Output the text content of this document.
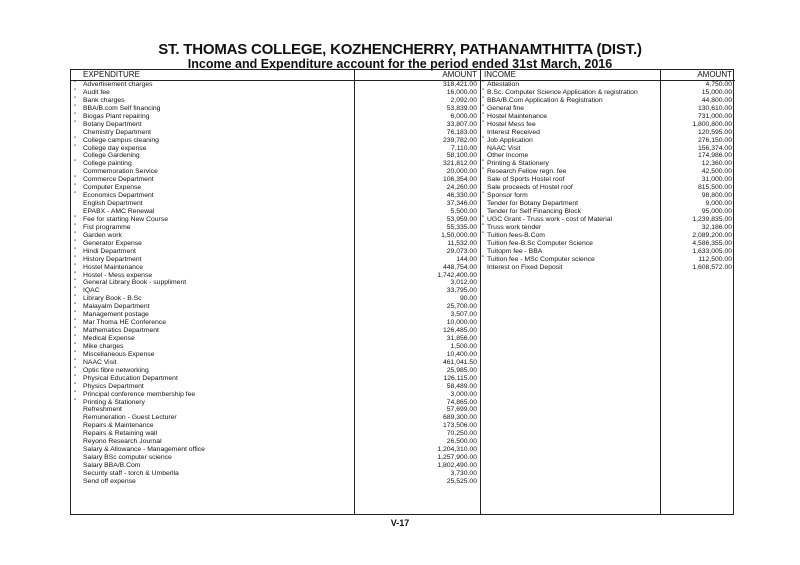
ST. THOMAS COLLEGE, KOZHENCHERRY, PATHANAMTHITTA (DIST.)
Income and Expenditure account for the period ended 31st March, 2016
EXPENDITURE
" Advertisement charges
" Audit fee
" Bank charges
" BBA/B.com Self financing
" Biogas Plant repairing
" Botany Department
Chemistry Department
" College campus cleaning
" College day expense
College Gardening
" College painting
Commemoration Service
" Commerce Department
" Computer Expense
" Economics Department
English Department
EPABX - AMC Renewal
" Fee for starting New Course
" Fist programme
" Garden work
" Generator Expense
" Hindi Department
" History Department
" Hostel Maintenance
" Hostel - Mess expense
" General Library Book - suppliment
" IQAC
" Library Book - B.Sc
" Malayalm Department
" Management postage
" Mar Thoma HE Conference
" Mathematics Department
" Medical Expense
" Mike charges
" Miscellaneous Expense
" NAAC Visit
" Optic fibre networking
" Physical Education Department
" Physics Department
" Principal conference membership fee
" Printing & Stationery
Refreshment
Remuneration - Guest Lecturer
Repairs & Maintenance
Repairs & Retaining wall
Reyono Research Journal
Salary & Allowance - Management office
Salary BSc computer science
Salary BBA/B.Com
Security staff - torch & Umberlla
Send off expense
AMOUNT
318,421.00
16,000.00
2,092.00
53,839.00
6,000.00
33,807.00
76,183.00
239,782.00
7,110.00
58,100.00
321,812.00
20,000.00
106,354.00
24,260.00
46,330.00
37,346.00
5,500.00
53,959.00
55,335.00
1,50,000.00
11,532.00
29,073.00
144.00
448,754.00
1,742,400.00
3,012.00
33,795.00
90.00
25,700.00
3,507.00
10,000.00
126,485.00
31,856.00
1,500.00
10,400.00
461,041.50
25,985.00
126,115.00
58,489.00
3,000.00
74,865.00
57,699.00
689,300.00
173,506.00
70,250.00
26,500.00
1,204,310.00
1,257,900.00
1,802,490.00
3,730.00
25,525.00
INCOME
" Attestation
" B.Sc. Computer Science Application & registration
" BBA/B.Com Application & Registration
" General fine
" Hostel Maintenance
" Hostel Mess fee
Interest Received
" Job Application
NAAC Visit
Other Income
" Printing & Stationery
" Research Fellow regn. fee
Sale of Sports Hostel roof
Sale proceeds of Hostel roof
" Sponsor form
Tender for Botany Department
Tender for Self Financing Block
" UGC Grant - Truss work - cost of Material
" Truss work tender
" Tuition fees-B.Com
Tuition fee-B.Sc Computer Science
Tuitopm fee - BBA
" Tuition fee - MSc Computer science
Interest on Fixed Deposit
AMOUNT
4,750.00
15,000.00
44,800.00
130,610.00
731,000.00
1,800,800.00
120,595.00
276,150.00
156,374.00
174,986.00
12,360.00
42,500.00
31,000.00
815,500.00
98,800.00
9,000.00
95,000.00
1,239,835.00
32,186.00
2,089,200.00
4,586,355.00
1,633,005.00
112,500.00
1,608,572.00
V-17
